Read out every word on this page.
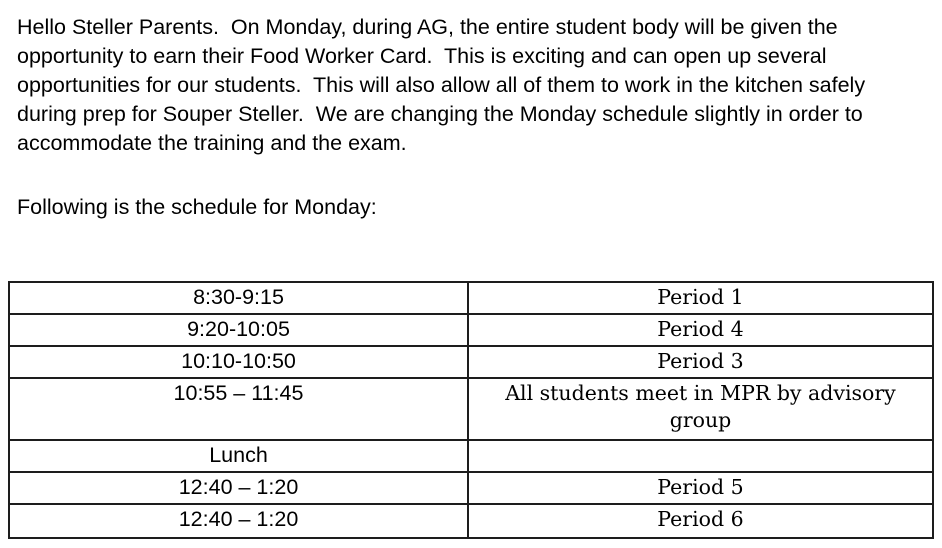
Hello Steller Parents.  On Monday, during AG, the entire student body will be given the opportunity to earn their Food Worker Card.  This is exciting and can open up several opportunities for our students.  This will also allow all of them to work in the kitchen safely during prep for Souper Steller.  We are changing the Monday schedule slightly in order to accommodate the training and the exam.

Following is the schedule for Monday:

8:30-9:15	Period 1
9:20-10:05	Period 4
10:10-10:50	Period 3
10:55 – 11:45	All students meet in MPR by advisory group
Lunch	
12:40 – 1:20	Period 5
12:40 – 1:20	Period 6
